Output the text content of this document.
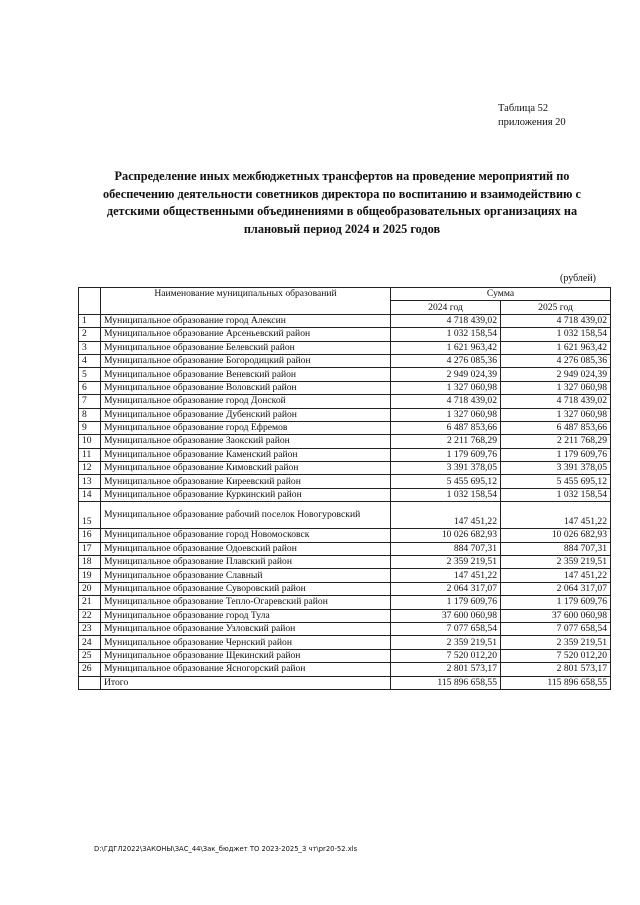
Таблица 52
приложения 20
Распределение иных межбюджетных трансфертов на проведение мероприятий по обеспечению деятельности советников директора по воспитанию и взаимодействию с детскими общественными объединениями в общеобразовательных организациях на плановый период 2024 и 2025 годов
(рублей)
	Наименование муниципальных образований	Сумма	
		2024 год	2025 год
1	Муниципальное образование город Алексин	4 718 439,02	4 718 439,02
2	Муниципальное образование Арсеньевский район	1 032 158,54	1 032 158,54
3	Муниципальное образование Белевский район	1 621 963,42	1 621 963,42
4	Муниципальное образование Богородицкий район	4 276 085,36	4 276 085,36
5	Муниципальное образование Веневский район	2 949 024,39	2 949 024,39
6	Муниципальное образование Воловский район	1 327 060,98	1 327 060,98
7	Муниципальное образование город Донской	4 718 439,02	4 718 439,02
8	Муниципальное образование Дубенский район	1 327 060,98	1 327 060,98
9	Муниципальное образование город Ефремов	6 487 853,66	6 487 853,66
10	Муниципальное образование Заокский район	2 211 768,29	2 211 768,29
11	Муниципальное образование Каменский район	1 179 609,76	1 179 609,76
12	Муниципальное образование Кимовский район	3 391 378,05	3 391 378,05
13	Муниципальное образование Киреевский район	5 455 695,12	5 455 695,12
14	Муниципальное образование Куркинский район	1 032 158,54	1 032 158,54
15	Муниципальное образование рабочий поселок Новогуровский	147 451,22	147 451,22
16	Муниципальное образование город Новомосковск	10 026 682,93	10 026 682,93
17	Муниципальное образование Одоевский район	884 707,31	884 707,31
18	Муниципальное образование Плавский район	2 359 219,51	2 359 219,51
19	Муниципальное образование Славный	147 451,22	147 451,22
20	Муниципальное образование Суворовский район	2 064 317,07	2 064 317,07
21	Муниципальное образование Тепло-Огаревский район	1 179 609,76	1 179 609,76
22	Муниципальное образование город Тула	37 600 060,98	37 600 060,98
23	Муниципальное образование Узловский район	7 077 658,54	7 077 658,54
24	Муниципальное образование Чернский район	2 359 219,51	2 359 219,51
25	Муниципальное образование Щекинский район	7 520 012,20	7 520 012,20
26	Муниципальное образование Ясногорский район	2 801 573,17	2 801 573,17
	Итого	115 896 658,55	115 896 658,55
D:\ГДГЛ2022\ЗАКОНЫ\ЗАС_44\Зак_бюджет ТО 2023-2025_3 чт\pr20-52.xls
